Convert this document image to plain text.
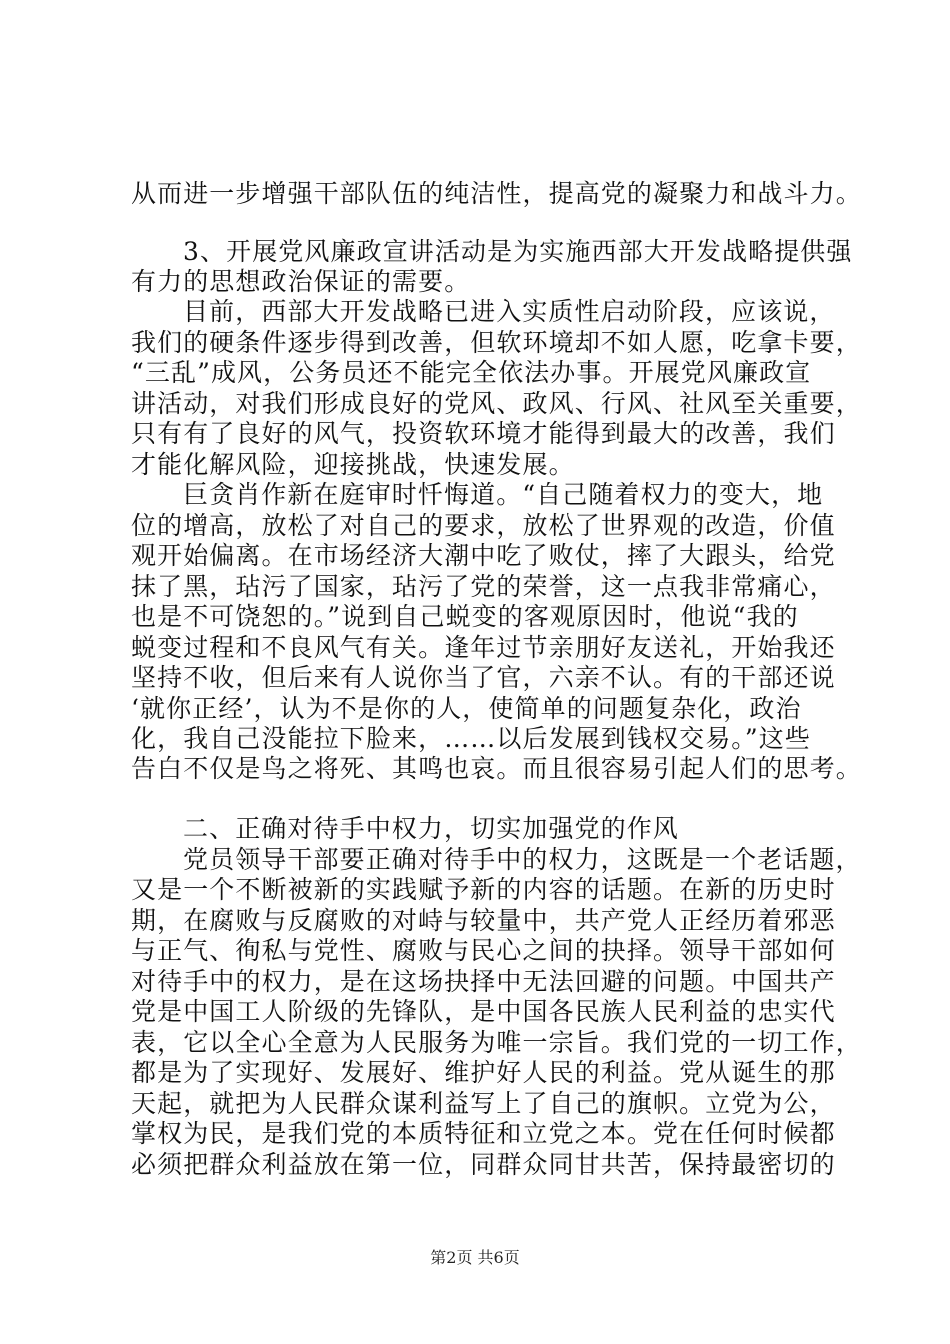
从而进一步增强干部队伍的纯洁性，提高党的凝聚力和战斗力。
3、开展党风廉政宣讲活动是为实施西部大开发战略提供强
有力的思想政治保证的需要。
目前，西部大开发战略已进入实质性启动阶段，应该说，
我们的硬条件逐步得到改善，但软环境却不如人愿，吃拿卡要，
“三乱”成风，公务员还不能完全依法办事。开展党风廉政宣
讲活动，对我们形成良好的党风、政风、行风、社风至关重要，
只有有了良好的风气，投资软环境才能得到最大的改善，我们
才能化解风险，迎接挑战，快速发展。
巨贪肖作新在庭审时忏悔道。“自己随着权力的变大，地
位的增高，放松了对自己的要求，放松了世界观的改造，价值
观开始偏离。在市场经济大潮中吃了败仗，摔了大跟头，给党
抹了黑，玷污了国家，玷污了党的荣誉，这一点我非常痛心，
也是不可饶恕的。”说到自己蜕变的客观原因时，他说“我的
蜕变过程和不良风气有关。逢年过节亲朋好友送礼，开始我还
坚持不收，但后来有人说你当了官，六亲不认。有的干部还说
‘就你正经’，认为不是你的人，使简单的问题复杂化，政治
化，我自己没能拉下脸来，……以后发展到钱权交易。”这些
告白不仅是鸟之将死、其鸣也哀。而且很容易引起人们的思考。
二、正确对待手中权力，切实加强党的作风
党员领导干部要正确对待手中的权力，这既是一个老话题，
又是一个不断被新的实践赋予新的内容的话题。在新的历史时
期，在腐败与反腐败的对峙与较量中，共产党人正经历着邪恶
与正气、徇私与党性、腐败与民心之间的抉择。领导干部如何
对待手中的权力，是在这场抉择中无法回避的问题。中国共产
党是中国工人阶级的先锋队，是中国各民族人民利益的忠实代
表，它以全心全意为人民服务为唯一宗旨。我们党的一切工作，
都是为了实现好、发展好、维护好人民的利益。党从诞生的那
天起，就把为人民群众谋利益写上了自己的旗帜。立党为公，
掌权为民，是我们党的本质特征和立党之本。党在任何时候都
必须把群众利益放在第一位，同群众同甘共苦，保持最密切的
第2页 共6页
